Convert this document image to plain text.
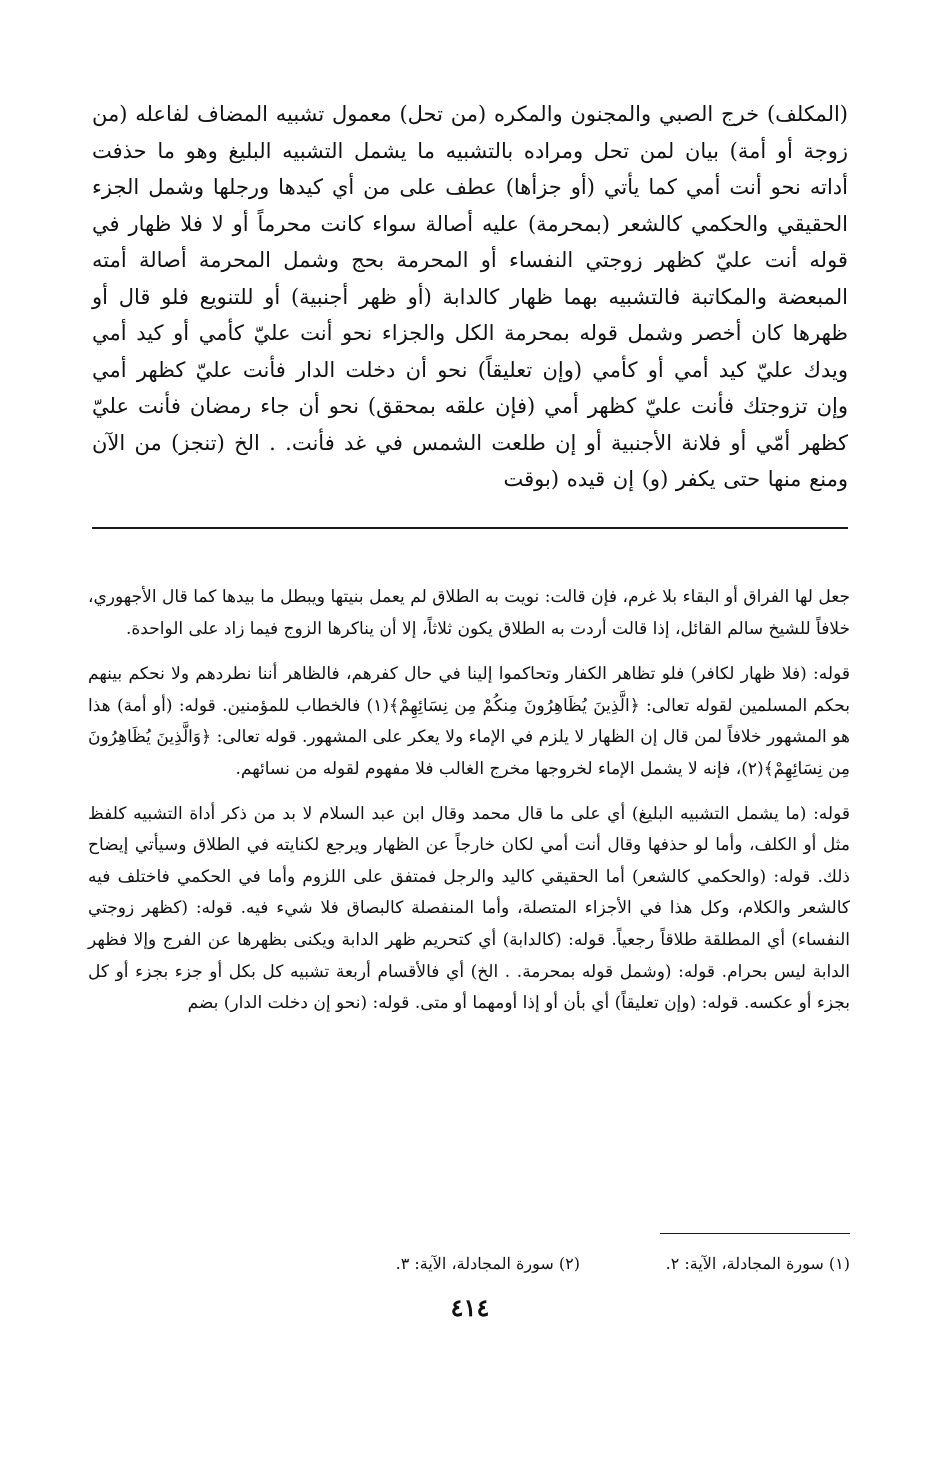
(المكلف) خرج الصبي والمجنون والمكره (من تحل) معمول تشبيه المضاف لفاعله (من زوجة أو أمة) بيان لمن تحل ومراده بالتشبيه ما يشمل التشبيه البليغ وهو ما حذفت أداته نحو أنت أمي كما يأتي (أو جزأها) عطف على من أي كيدها ورجلها وشمل الجزء الحقيقي والحكمي كالشعر (بمحرمة) عليه أصالة سواء كانت محرماً أو لا فلا ظهار في قوله أنت عليّ كظهر زوجتي النفساء أو المحرمة بحج وشمل المحرمة أصالة أمته المبعضة والمكاتبة فالتشبيه بهما ظهار كالدابة (أو ظهر أجنبية) أو للتنويع فلو قال أو ظهرها كان أخصر وشمل قوله بمحرمة الكل والجزاء نحو أنت عليّ كأمي أو كيد أمي ويدك عليّ كيد أمي أو كأمي (وإن تعليقاً) نحو أن دخلت الدار فأنت عليّ كظهر أمي وإن تزوجتك فأنت عليّ كظهر أمي (فإن علقه بمحقق) نحو أن جاء رمضان فأنت عليّ كظهر أمّي أو فلانة الأجنبية أو إن طلعت الشمس في غد فأنت. . الخ (تنجز) من الآن ومنع منها حتى يكفر (و) إن قيده (بوقت

جعل لها الفراق أو البقاء بلا غرم، فإن قالت: نويت به الطلاق لم يعمل بنيتها ويبطل ما بيدها كما قال الأجهوري، خلافاً للشيخ سالم القائل، إذا قالت أردت به الطلاق يكون ثلاثاً، إلا أن يناكرها الزوج فيما زاد على الواحدة.

قوله: (فلا ظهار لكافر) فلو تظاهر الكفار وتحاكموا إلينا في حال كفرهم، فالظاهر أننا نطردهم ولا نحكم بينهم بحكم المسلمين لقوله تعالى: ﴿الَّذِينَ يُظَاهِرُونَ مِنكُمْ مِن نِسَائِهِمْ﴾(١) فالخطاب للمؤمنين. قوله: (أو أمة) هذا هو المشهور خلافاً لمن قال إن الظهار لا يلزم في الإماء ولا يعكر على المشهور. قوله تعالى: ﴿وَالَّذِينَ يُظَاهِرُونَ مِن نِسَائِهِمْ﴾(٢)، فإنه لا يشمل الإماء لخروجها مخرج الغالب فلا مفهوم لقوله من نسائهم.

قوله: (ما يشمل التشبيه البليغ) أي على ما قال محمد وقال ابن عبد السلام لا بد من ذكر أداة التشبيه كلفظ مثل أو الكلف، وأما لو حذفها وقال أنت أمي لكان خارجاً عن الظهار ويرجع لكنايته في الطلاق وسيأتي إيضاح ذلك. قوله: (والحكمي كالشعر) أما الحقيقي كاليد والرجل فمتفق على اللزوم وأما في الحكمي فاختلف فيه كالشعر والكلام، وكل هذا في الأجزاء المتصلة، وأما المنفصلة كالبصاق فلا شيء فيه. قوله: (كظهر زوجتي النفساء) أي المطلقة طلاقاً رجعياً. قوله: (كالدابة) أي كتحريم ظهر الدابة ويكنى بظهرها عن الفرج وإلا فظهر الدابة ليس بحرام. قوله: (وشمل قوله بمحرمة. . الخ) أي فالأقسام أربعة تشبيه كل بكل أو جزء بجزء أو كل بجزء أو عكسه. قوله: (وإن تعليقاً) أي بأن أو إذا أومهما أو متى. قوله: (نحو إن دخلت الدار) بضم

(١) سورة المجادلة، الآية: ٢.
(٢) سورة المجادلة، الآية: ٣.
٤١٤
